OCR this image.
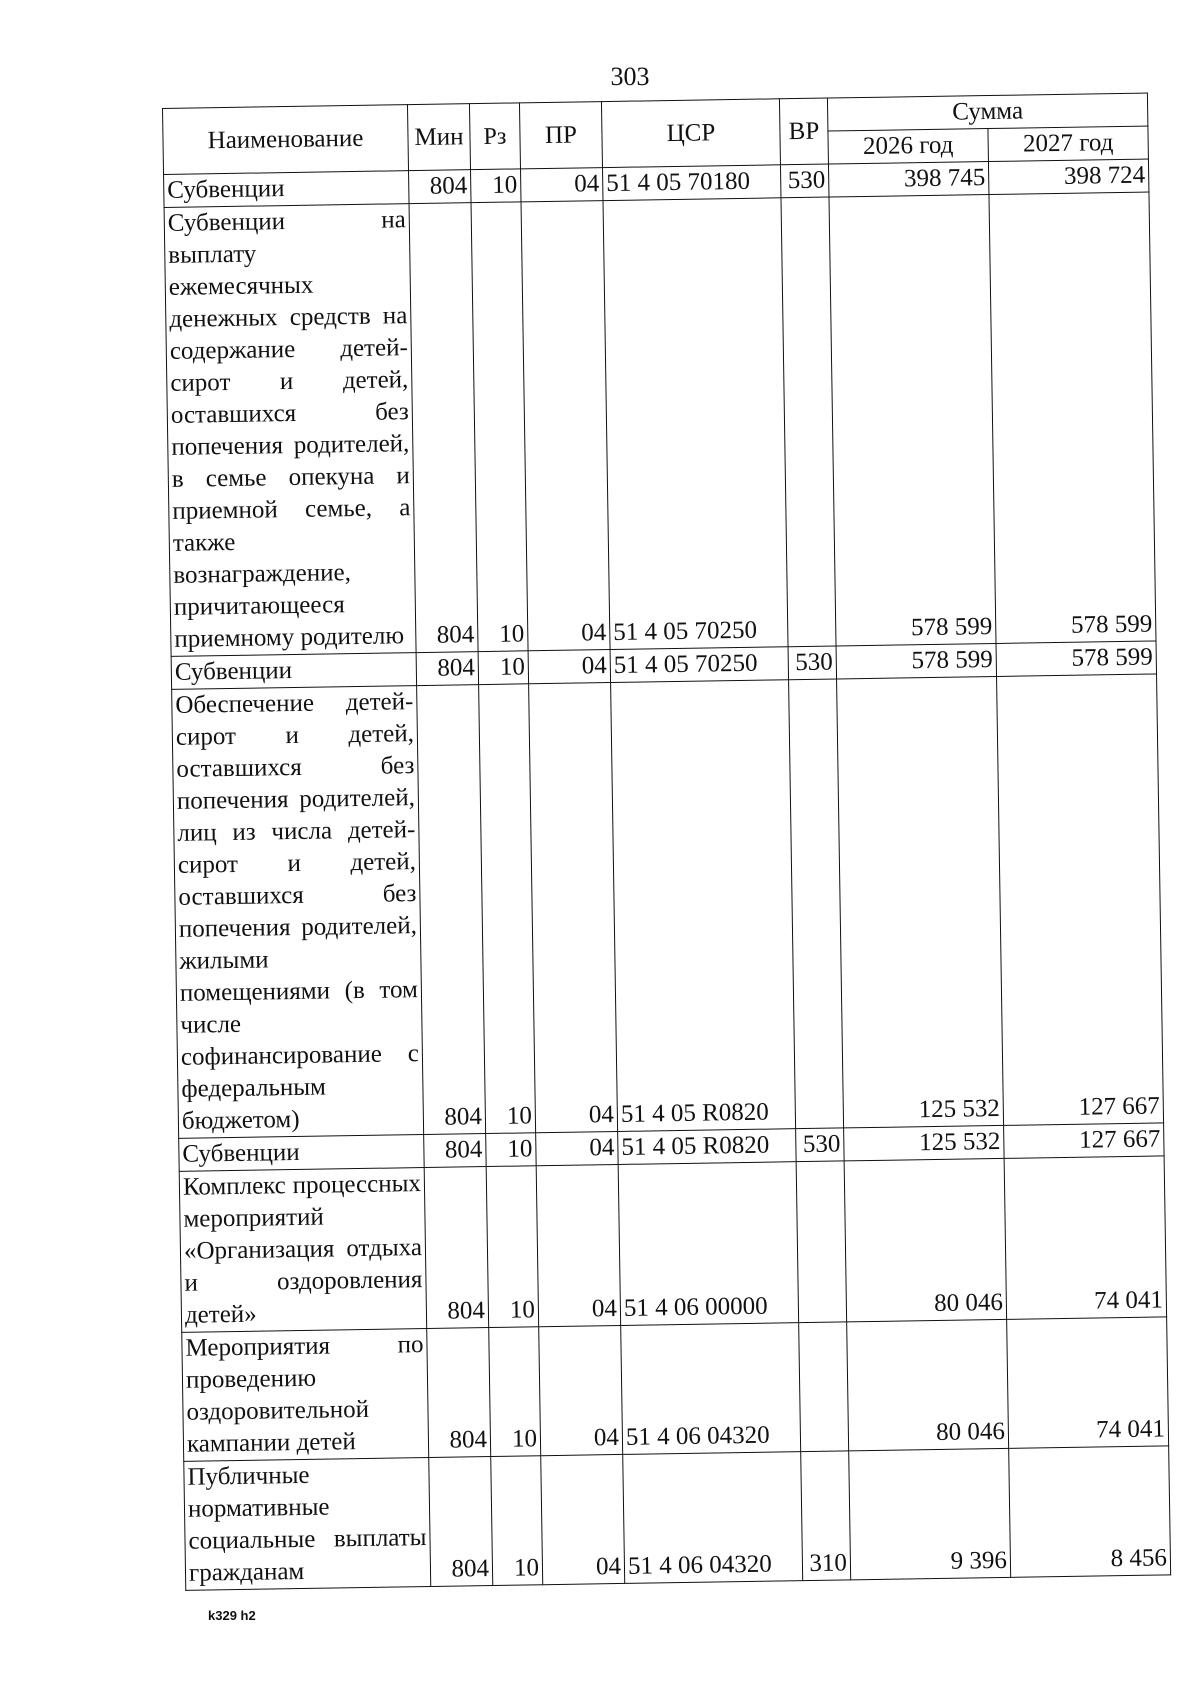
303
Наименование	Мин	Рз	ПР	ЦСР	ВР	Сумма	
						2026 год	2027 год
Субвенции	804	10	04	51 4 05 70180	530	398 745	398 724
Субвенции на выплату ежемесячных денежных средств на содержание детей-сирот и детей, оставшихся без попечения родителей, в семье опекуна и приемной семье, а также вознаграждение, причитающееся приемному родителю	804	10	04	51 4 05 70250		578 599	578 599
Субвенции	804	10	04	51 4 05 70250	530	578 599	578 599
Обеспечение детей-сирот и детей, оставшихся без попечения родителей, лиц из числа детей-сирот и детей, оставшихся без попечения родителей, жилыми помещениями (в том числе софинансирование с федеральным бюджетом)	804	10	04	51 4 05 R0820		125 532	127 667
Субвенции	804	10	04	51 4 05 R0820	530	125 532	127 667
Комплекс процессных мероприятий «Организация отдыха и оздоровления детей»	804	10	04	51 4 06 00000		80 046	74 041
Мероприятия по проведению оздоровительной кампании детей	804	10	04	51 4 06 04320		80 046	74 041
Публичные нормативные социальные выплаты гражданам	804	10	04	51 4 06 04320	310	9 396	8 456
k329 h2
